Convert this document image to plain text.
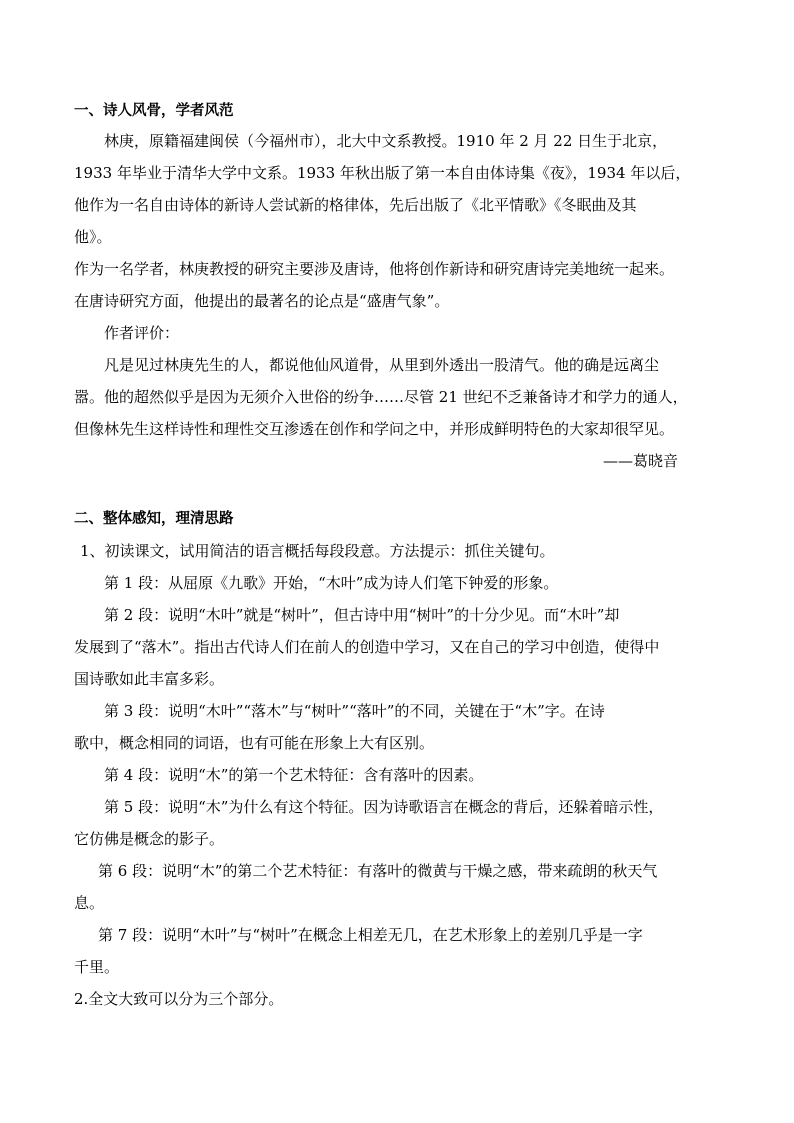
一、诗人风骨，学者风范
林庚，原籍福建闽侯（今福州市），北大中文系教授。1910 年 2 月 22 日生于北京，
1933 年毕业于清华大学中文系。1933 年秋出版了第一本自由体诗集《夜》，1934 年以后，
他作为一名自由诗体的新诗人尝试新的格律体，先后出版了《北平情歌》《冬眠曲及其
他》。
作为一名学者，林庚教授的研究主要涉及唐诗，他将创作新诗和研究唐诗完美地统一起来。
在唐诗研究方面，他提出的最著名的论点是“盛唐气象”。
作者评价：
凡是见过林庚先生的人，都说他仙风道骨，从里到外透出一股清气。他的确是远离尘
嚣。他的超然似乎是因为无须介入世俗的纷争……尽管 21 世纪不乏兼备诗才和学力的通人，
但像林先生这样诗性和理性交互渗透在创作和学问之中，并形成鲜明特色的大家却很罕见。
——葛晓音
二、整体感知，理清思路
1、初读课文，试用简洁的语言概括每段段意。方法提示：抓住关键句。
第 1 段：从屈原《九歌》开始，“木叶”成为诗人们笔下钟爱的形象。
第 2 段：说明“木叶”就是“树叶”，但古诗中用“树叶”的十分少见。而“木叶”却
发展到了“落木”。指出古代诗人们在前人的创造中学习，又在自己的学习中创造，使得中
国诗歌如此丰富多彩。
第 3 段：说明“木叶”“落木”与“树叶”“落叶”的不同，关键在于“木”字。在诗
歌中，概念相同的词语，也有可能在形象上大有区别。
第 4 段：说明“木”的第一个艺术特征：含有落叶的因素。
第 5 段：说明“木”为什么有这个特征。因为诗歌语言在概念的背后，还躲着暗示性，
它仿佛是概念的影子。
第 6 段：说明“木”的第二个艺术特征：有落叶的微黄与干燥之感，带来疏朗的秋天气
息。
第 7 段：说明“木叶”与“树叶”在概念上相差无几，在艺术形象上的差别几乎是一字
千里。
2.全文大致可以分为三个部分。
